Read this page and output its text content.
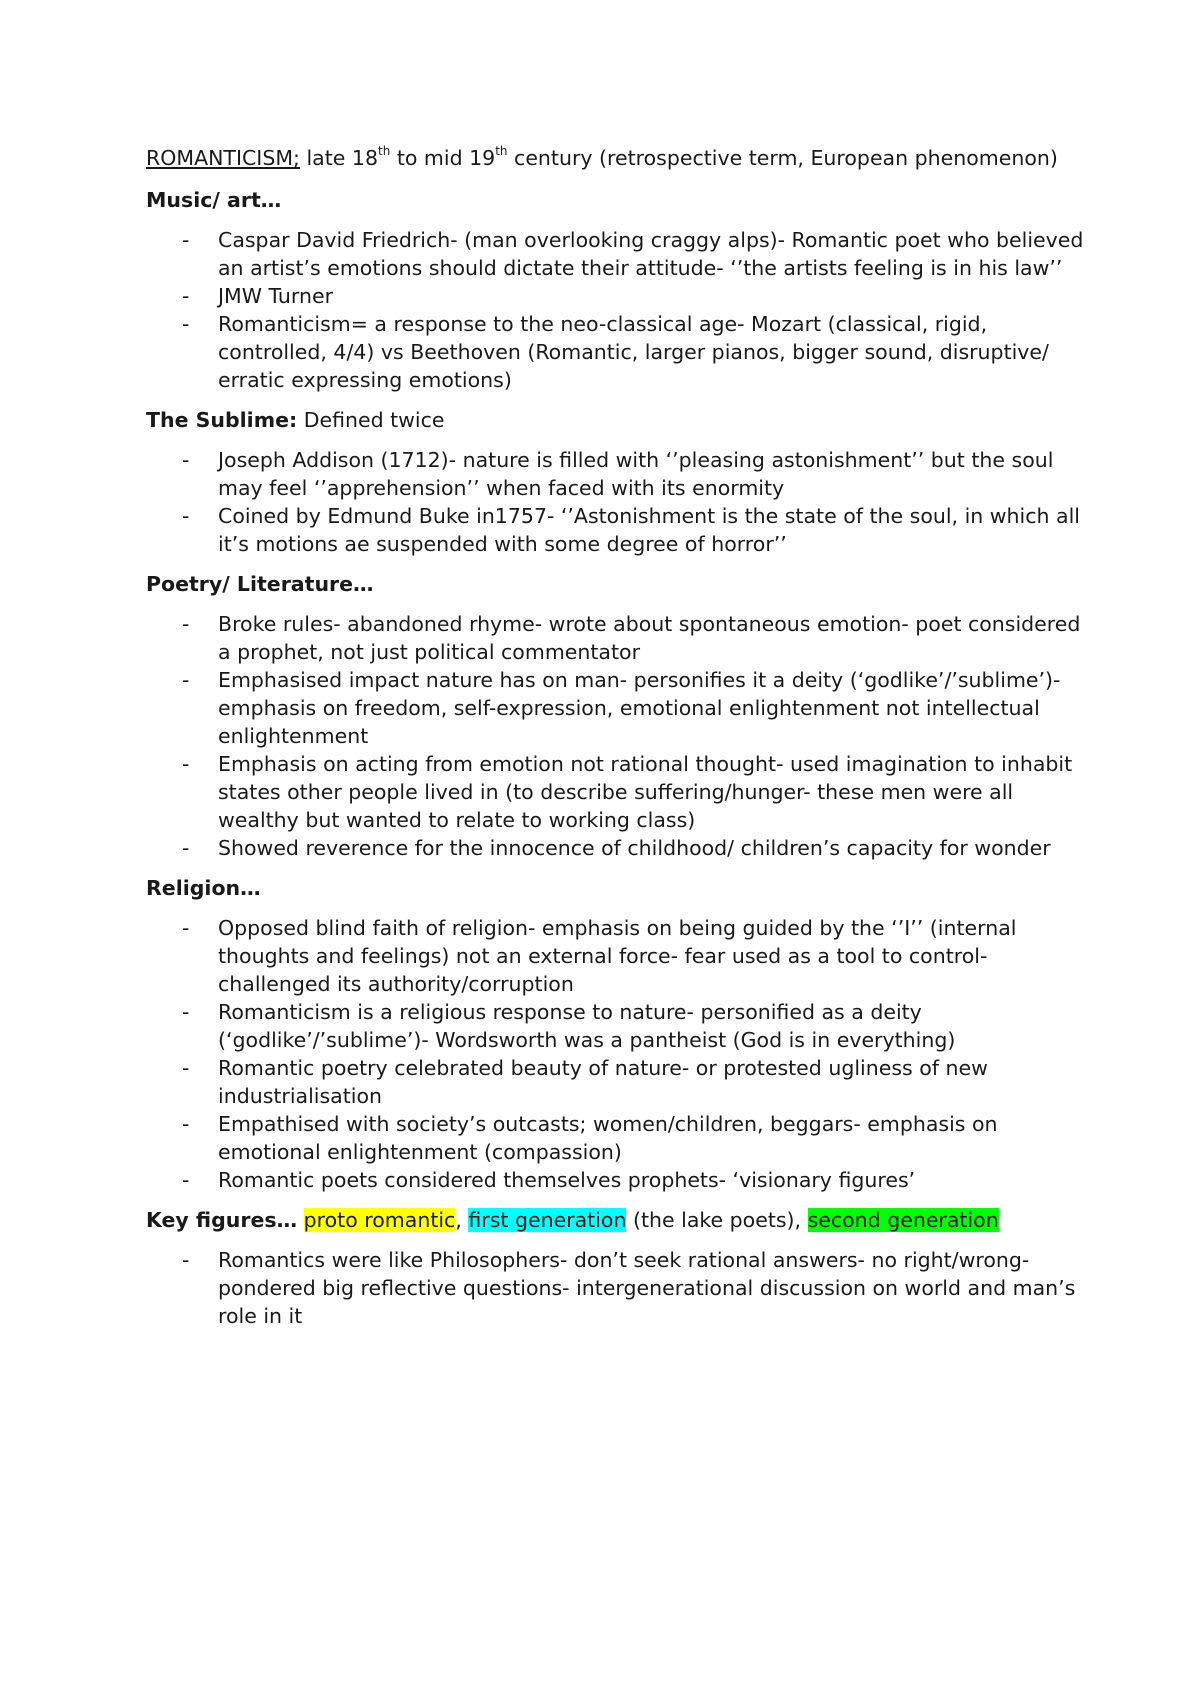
ROMANTICISM; late 18th to mid 19th century (retrospective term, European phenomenon)

Music/ art…

- Caspar David Friedrich- (man overlooking craggy alps)- Romantic poet who believed an artist’s emotions should dictate their attitude- ‘’the artists feeling is in his law’’
- JMW Turner
- Romanticism= a response to the neo-classical age- Mozart (classical, rigid, controlled, 4/4) vs Beethoven (Romantic, larger pianos, bigger sound, disruptive/ erratic expressing emotions)

The Sublime: Defined twice

- Joseph Addison (1712)- nature is filled with ‘’pleasing astonishment’’ but the soul may feel ‘’apprehension’’ when faced with its enormity
- Coined by Edmund Buke in1757- ‘’Astonishment is the state of the soul, in which all it’s motions ae suspended with some degree of horror’’

Poetry/ Literature…

- Broke rules- abandoned rhyme- wrote about spontaneous emotion- poet considered a prophet, not just political commentator
- Emphasised impact nature has on man- personifies it a deity (‘godlike’/’sublime’)- emphasis on freedom, self-expression, emotional enlightenment not intellectual enlightenment
- Emphasis on acting from emotion not rational thought- used imagination to inhabit states other people lived in (to describe suffering/hunger- these men were all wealthy but wanted to relate to working class)
- Showed reverence for the innocence of childhood/ children’s capacity for wonder

Religion…

- Opposed blind faith of religion- emphasis on being guided by the ‘’I’’ (internal thoughts and feelings) not an external force- fear used as a tool to control- challenged its authority/corruption
- Romanticism is a religious response to nature- personified as a deity (‘godlike’/’sublime’)- Wordsworth was a pantheist (God is in everything)
- Romantic poetry celebrated beauty of nature- or protested ugliness of new industrialisation
- Empathised with society’s outcasts; women/children, beggars- emphasis on emotional enlightenment (compassion)
- Romantic poets considered themselves prophets- ‘visionary figures’

Key figures… proto romantic, first generation (the lake poets), second generation

- Romantics were like Philosophers- don’t seek rational answers- no right/wrong- pondered big reflective questions- intergenerational discussion on world and man’s role in it
